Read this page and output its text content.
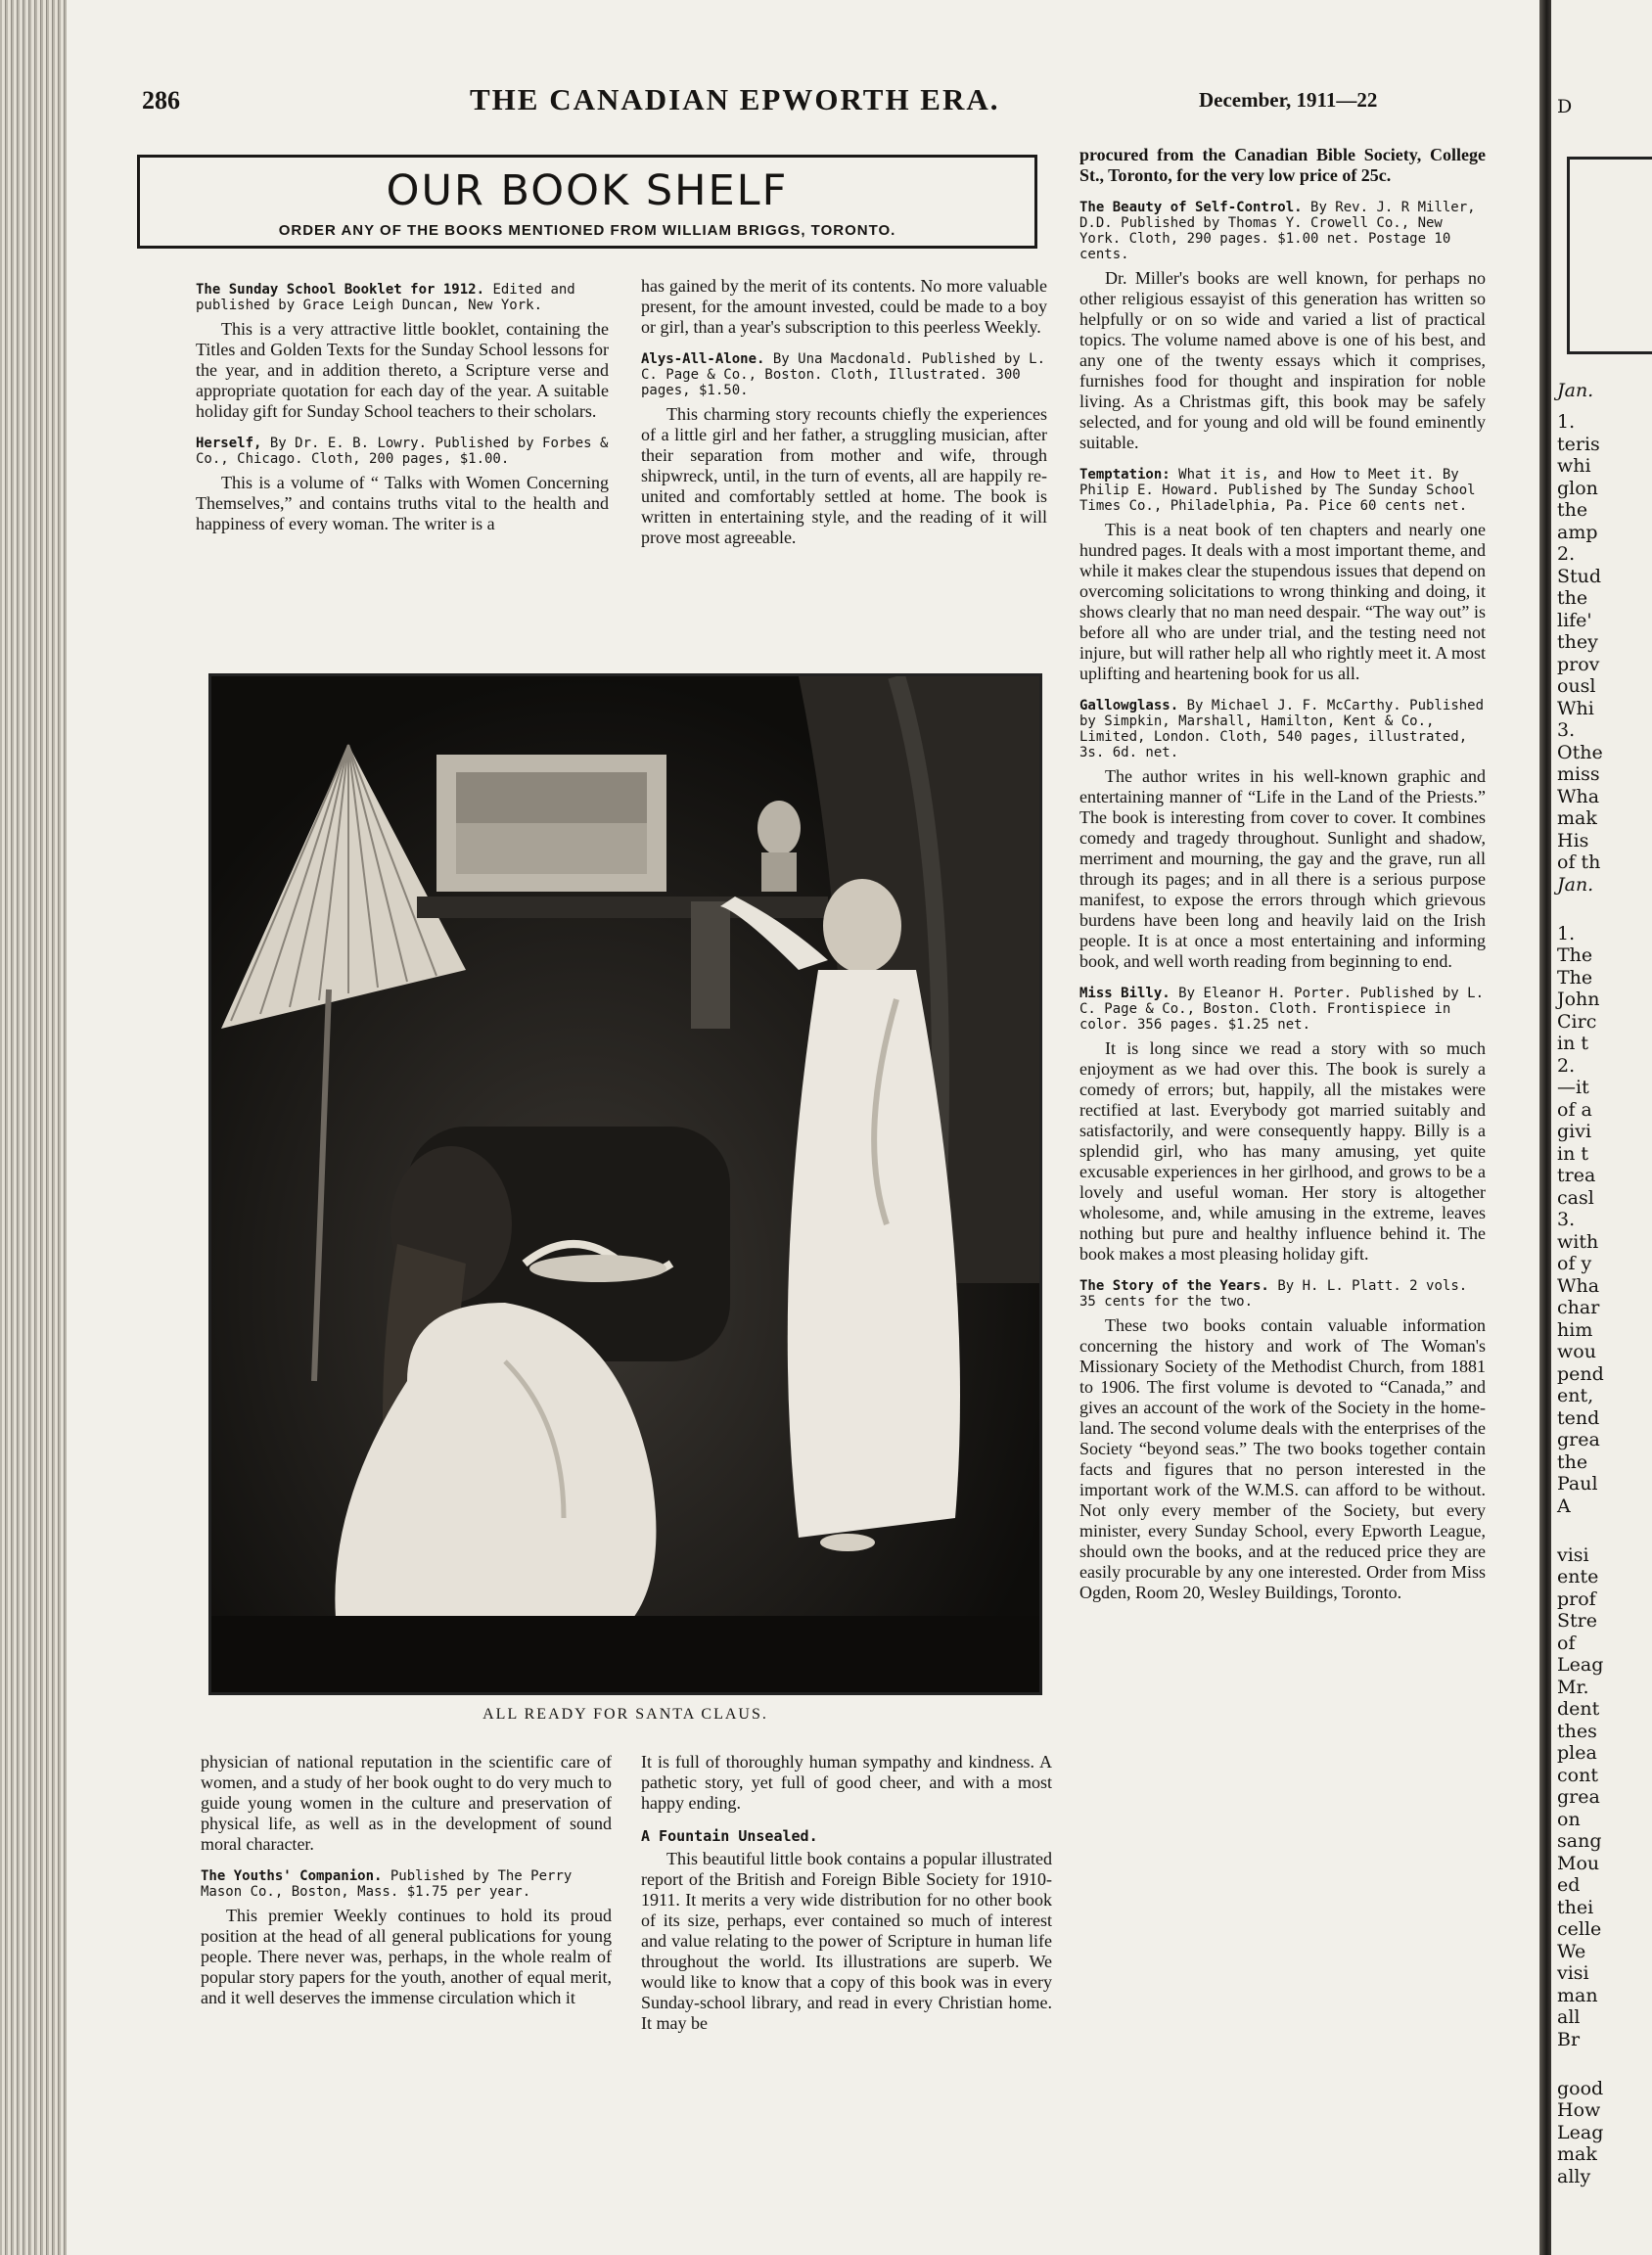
286	THE CANADIAN EPWORTH ERA.	December, 1911—22
OUR BOOK SHELF
ORDER ANY OF THE BOOKS MENTIONED FROM WILLIAM BRIGGS, TORONTO.
The Sunday School Booklet for 1912. Edited and published by Grace Leigh Duncan, New York.

This is a very attractive little booklet, containing the Titles and Golden Texts for the Sunday School lessons for the year, and in addition thereto, a Scripture verse and appropriate quotation for each day of the year. A suitable holiday gift for Sunday School teachers to their scholars.

Herself, By Dr. E. B. Lowry. Published by Forbes & Co., Chicago. Cloth, 200 pages, $1.00.

This is a volume of “ Talks with Women Concerning Themselves,” and contains truths vital to the health and happiness of every woman. The writer is a

has gained by the merit of its contents. No more valuable present, for the amount invested, could be made to a boy or girl, than a year's subscription to this peerless Weekly.

Alys-All-Alone. By Una Macdonald. Published by L. C. Page & Co., Boston. Cloth, Illustrated. 300 pages, $1.50.

This charming story recounts chiefly the experiences of a little girl and her father, a struggling musician, after their separation from mother and wife, through shipwreck, until, in the turn of events, all are happily re-united and comfortably settled at home. The book is written in entertaining style, and the reading of it will prove most agreeable.

ALL READY FOR SANTA CLAUS.

physician of national reputation in the scientific care of women, and a study of her book ought to do very much to guide young women in the culture and preservation of physical life, as well as in the development of sound moral character.

The Youths' Companion. Published by The Perry Mason Co., Boston, Mass. $1.75 per year.

This premier Weekly continues to hold its proud position at the head of all general publications for young people. There never was, perhaps, in the whole realm of popular story papers for the youth, another of equal merit, and it well deserves the immense circulation which it

It is full of thoroughly human sympathy and kindness. A pathetic story, yet full of good cheer, and with a most happy ending.

A Fountain Unsealed.

This beautiful little book contains a popular illustrated report of the British and Foreign Bible Society for 1910-1911. It merits a very wide distribution for no other book of its size, perhaps, ever contained so much of interest and value relating to the power of Scripture in human life throughout the world. Its illustrations are superb. We would like to know that a copy of this book was in every Sunday-school library, and read in every Christian home. It may be

procured from the Canadian Bible Society, College St., Toronto, for the very low price of 25c.

The Beauty of Self-Control. By Rev. J. R Miller, D.D. Published by Thomas Y. Crowell Co., New York. Cloth, 290 pages. $1.00 net. Postage 10 cents.

Dr. Miller's books are well known, for perhaps no other religious essayist of this generation has written so helpfully or on so wide and varied a list of practical topics. The volume named above is one of his best, and any one of the twenty essays which it comprises, furnishes food for thought and inspiration for noble living. As a Christmas gift, this book may be safely selected, and for young and old will be found eminently suitable.

Temptation: What it is, and How to Meet it. By Philip E. Howard. Published by The Sunday School Times Co., Philadelphia, Pa. Pice 60 cents net.

This is a neat book of ten chapters and nearly one hundred pages. It deals with a most important theme, and while it makes clear the stupendous issues that depend on overcoming solicitations to wrong thinking and doing, it shows clearly that no man need despair. “The way out” is before all who are under trial, and the testing need not injure, but will rather help all who rightly meet it. A most uplifting and heartening book for us all.

Gallowglass. By Michael J. F. McCarthy. Published by Simpkin, Marshall, Hamilton, Kent & Co., Limited, London. Cloth, 540 pages, illustrated, 3s. 6d. net.

The author writes in his well-known graphic and entertaining manner of “Life in the Land of the Priests.” The book is interesting from cover to cover. It combines comedy and tragedy throughout. Sunlight and shadow, merriment and mourning, the gay and the grave, run all through its pages; and in all there is a serious purpose manifest, to expose the errors through which grievous burdens have been long and heavily laid on the Irish people. It is at once a most entertaining and informing book, and well worth reading from beginning to end.

Miss Billy. By Eleanor H. Porter. Published by L. C. Page & Co., Boston. Cloth. Frontispiece in color. 356 pages. $1.25 net.

It is long since we read a story with so much enjoyment as we had over this. The book is surely a comedy of errors; but, happily, all the mistakes were rectified at last. Everybody got married suitably and satisfactorily, and were consequently happy. Billy is a splendid girl, who has many amusing, yet quite excusable experiences in her girlhood, and grows to be a lovely and useful woman. Her story is altogether wholesome, and, while amusing in the extreme, leaves nothing but pure and healthy influence behind it. The book makes a most pleasing holiday gift.

The Story of the Years. By H. L. Platt. 2 vols. 35 cents for the two.

These two books contain valuable information concerning the history and work of The Woman's Missionary Society of the Methodist Church, from 1881 to 1906. The first volume is devoted to “Canada,” and gives an account of the work of the Society in the home-land. The second volume deals with the enterprises of the Society “beyond seas.” The two books together contain facts and figures that no person interested in the important work of the W.M.S. can afford to be without. Not only every member of the Society, but every minister, every Sunday School, every Epworth League, should own the books, and at the reduced price they are easily procurable by any one interested. Order from Miss Ogden, Room 20, Wesley Buildings, Toronto.

D
Jan.
1.
teris
whi
glon
the
amp
2.
Stud
the
life'
they
prov
ousl
Whi
3.
Othe
miss
Wha
mak
His
of th
Jan.
1.
The
The
John
Circ
in t
2.
—it
of a
givi
in t
trea
casl
3.
with
of y
Wha
char
him
wou
pend
ent,
tend
grea
the
Paul
A
visi
ente
prof
Stre
of
Leag
Mr.
dent
thes
plea
cont
grea
on
sang
Mou
ed
thei
celle
We
visi
man
all
Br
good
How
Leag
mak
ally
